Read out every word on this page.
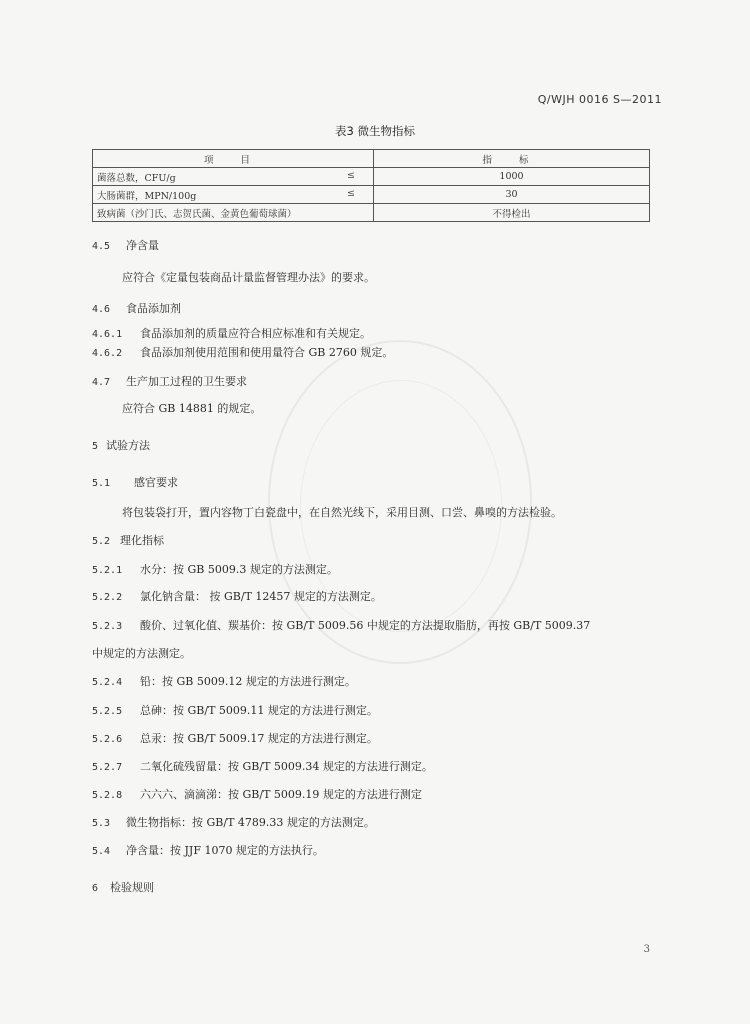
Q/WJH 0016 S—2011
表3 微生物指标
项 目	指 标
菌落总数，CFU/g ≤	1000
大肠菌群，MPN/100g ≤	30
致病菌（沙门氏、志贺氏菌、金黄色葡萄球菌）	不得检出
4.5 净含量
应符合《定量包装商品计量监督管理办法》的要求。
4.6 食品添加剂
4.6.1 食品添加剂的质量应符合相应标准和有关规定。
4.6.2 食品添加剂使用范围和使用量符合 GB 2760 规定。
4.7 生产加工过程的卫生要求
应符合 GB 14881 的规定。
5 试验方法
5.1 感官要求
将包装袋打开，置内容物丁白瓷盘中，在自然光线下，采用目测、口尝、鼻嗅的方法检验。
5.2 理化指标
5.2.1 水分：按 GB 5009.3 规定的方法测定。
5.2.2 氯化钠含量： 按 GB/T 12457 规定的方法测定。
5.2.3 酸价、过氧化值、羰基价：按 GB/T 5009.56 中规定的方法提取脂肪，再按 GB/T 5009.37
中规定的方法测定。
5.2.4 铅：按 GB 5009.12 规定的方法进行测定。
5.2.5 总砷：按 GB/T 5009.11 规定的方法进行测定。
5.2.6 总汞：按 GB/T 5009.17 规定的方法进行测定。
5.2.7 二氧化硫残留量：按 GB/T 5009.34 规定的方法进行测定。
5.2.8 六六六、滴滴涕：按 GB/T 5009.19 规定的方法进行测定
5.3 微生物指标：按 GB/T 4789.33 规定的方法测定。
5.4 净含量：按 JJF 1070 规定的方法执行。
6 检验规则
3
